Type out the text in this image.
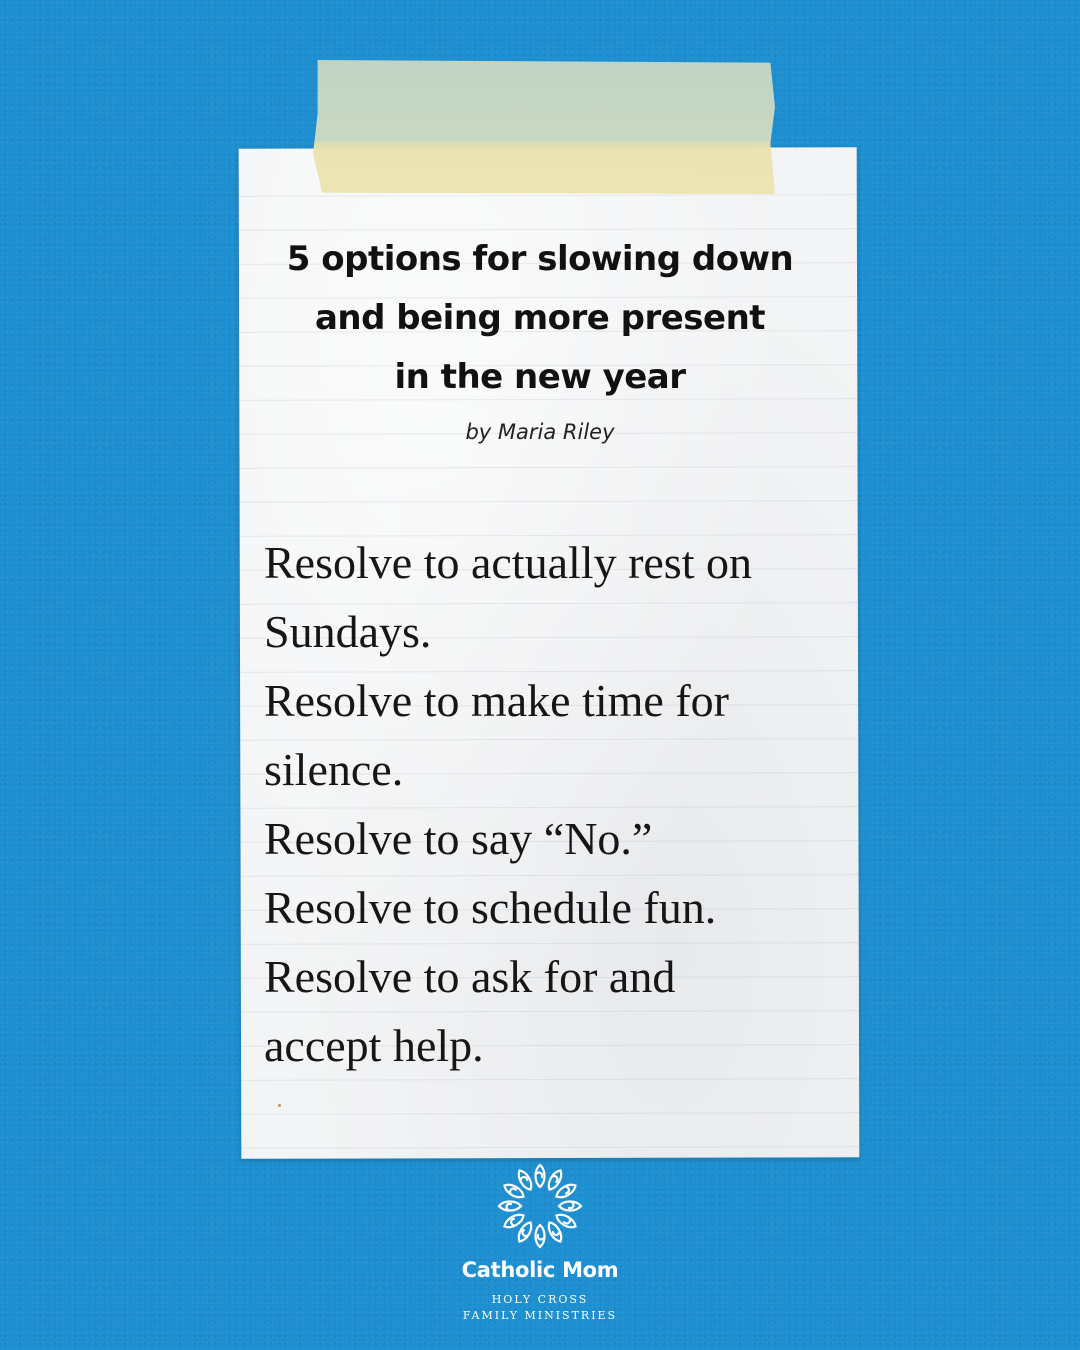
5 options for slowing down
and being more present
in the new year
by Maria Riley
Resolve to actually rest on
Sundays.
Resolve to make time for
silence.
Resolve to say “No.”
Resolve to schedule fun.
Resolve to ask for and
accept help.
Catholic Mom
HOLY CROSS
FAMILY MINISTRIES
